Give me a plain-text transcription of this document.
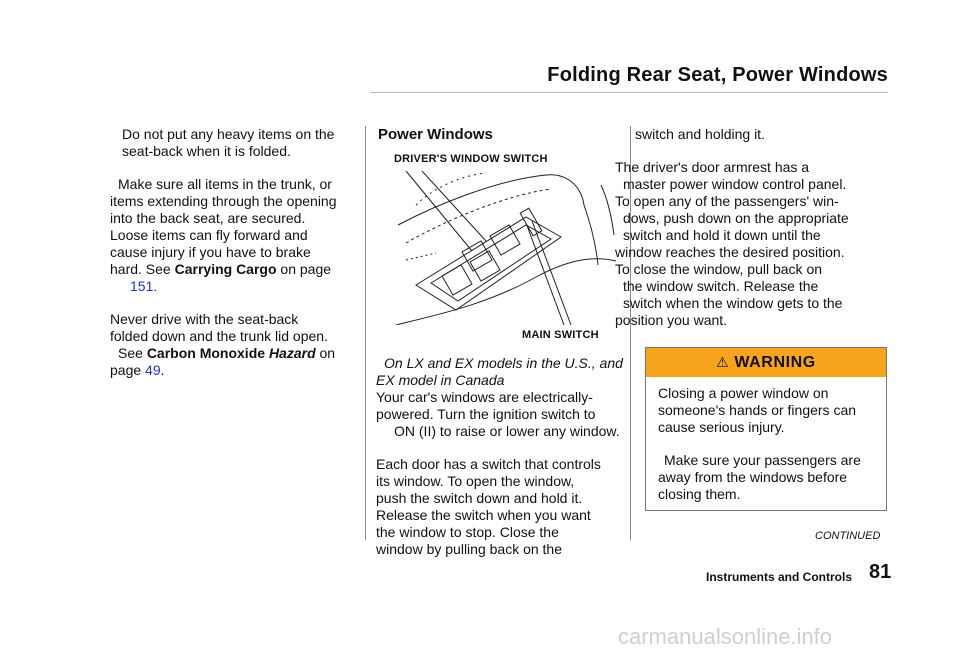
Folding Rear Seat, Power Windows

Do not put any heavy items on the

seat-back when it is folded.

Make sure all items in the trunk, or

items extending through the opening

into the back seat, are secured.

Loose items can fly forward and

cause injury if you have to brake

hard. See Carrying Cargo on page

151.

Never drive with the seat-back

folded down and the trunk lid open.

See Carbon Monoxide Hazard on

page 49.

Power Windows
DRIVER'S WINDOW SWITCH
MAIN SWITCH

On LX and EX models in the U.S., and

EX model in Canada

Your car's windows are electrically-

powered. Turn the ignition switch to

ON (II) to raise or lower any window.

Each door has a switch that controls

its window. To open the window,

push the switch down and hold it.

Release the switch when you want

the window to stop. Close the

window by pulling back on the

switch and holding it.

The driver's door armrest has a

master power window control panel.

To open any of the passengers' win-

dows, push down on the appropriate

switch and hold it down until the

window reaches the desired position.

To close the window, pull back on

the window switch. Release the

switch when the window gets to the

position you want.

⚠ WARNING

Closing a power window on

someone's hands or fingers can

cause serious injury.

Make sure your passengers are

away from the windows before

closing them.

CONTINUED
Instruments and Controls 81
carmanualsonline.info
